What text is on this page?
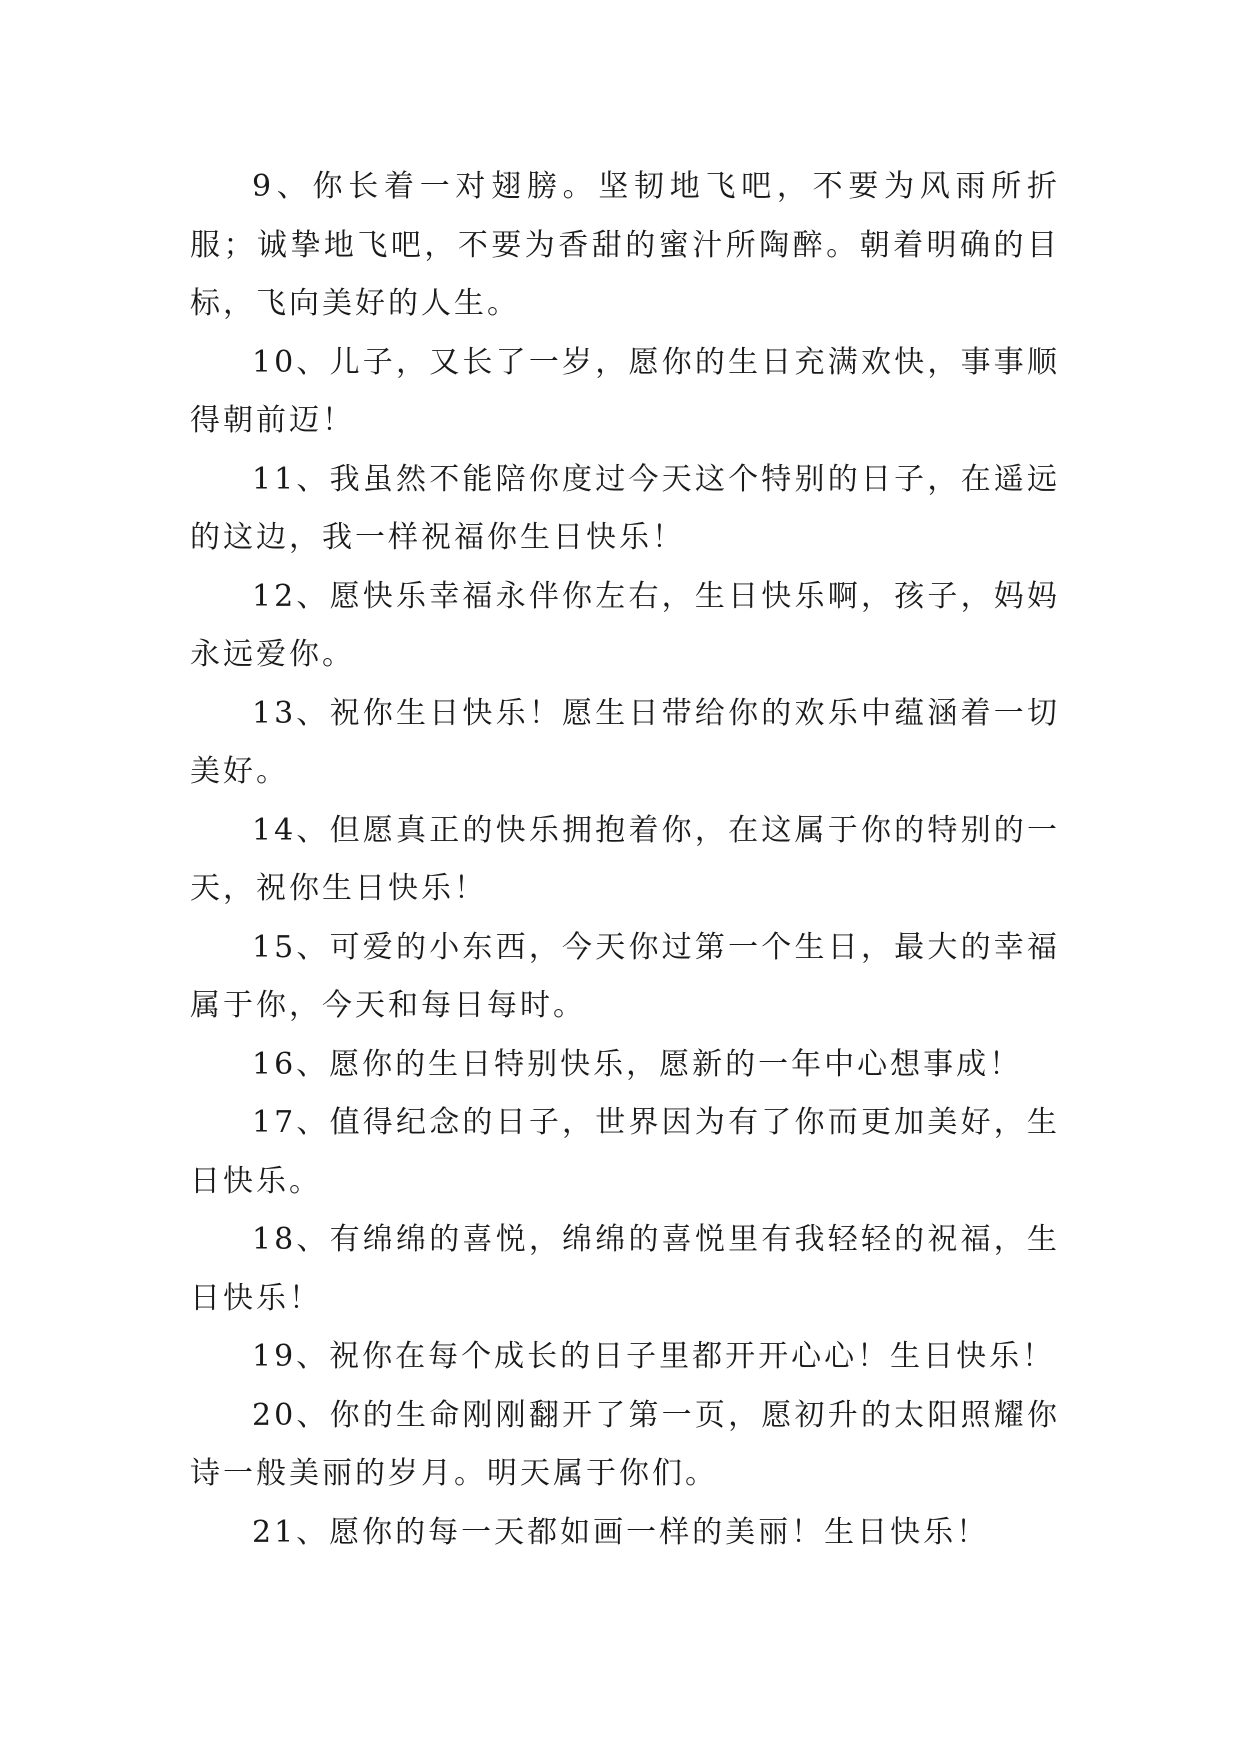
9、你长着一对翅膀。坚韧地飞吧，不要为风雨所折服；诚挚地飞吧，不要为香甜的蜜汁所陶醉。朝着明确的目标，飞向美好的人生。

10、儿子，又长了一岁，愿你的生日充满欢快，事事顺得朝前迈！

11、我虽然不能陪你度过今天这个特别的日子，在遥远的这边，我一样祝福你生日快乐！

12、愿快乐幸福永伴你左右，生日快乐啊，孩子，妈妈永远爱你。

13、祝你生日快乐！愿生日带给你的欢乐中蕴涵着一切美好。

14、但愿真正的快乐拥抱着你，在这属于你的特别的一天，祝你生日快乐！

15、可爱的小东西，今天你过第一个生日，最大的幸福属于你，今天和每日每时。

16、愿你的生日特别快乐，愿新的一年中心想事成！

17、值得纪念的日子，世界因为有了你而更加美好，生日快乐。

18、有绵绵的喜悦，绵绵的喜悦里有我轻轻的祝福，生日快乐！

19、祝你在每个成长的日子里都开开心心！生日快乐！

20、你的生命刚刚翻开了第一页，愿初升的太阳照耀你诗一般美丽的岁月。明天属于你们。

21、愿你的每一天都如画一样的美丽！生日快乐！
